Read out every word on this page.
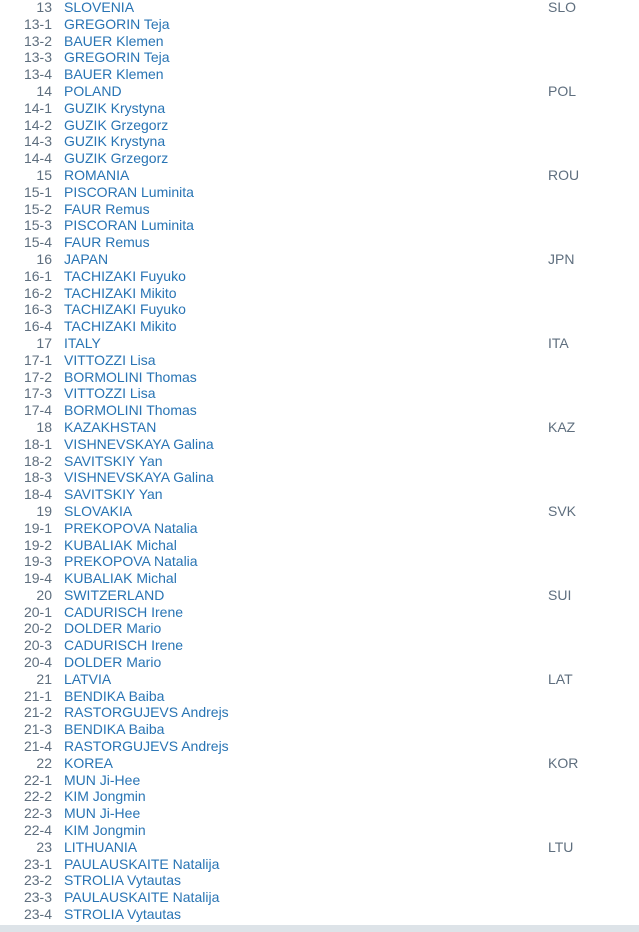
13 SLOVENIA	SLO
13-1 GREGORIN Teja
13-2 BAUER Klemen
13-3 GREGORIN Teja
13-4 BAUER Klemen
14 POLAND	POL
14-1 GUZIK Krystyna
14-2 GUZIK Grzegorz
14-3 GUZIK Krystyna
14-4 GUZIK Grzegorz
15 ROMANIA	ROU
15-1 PISCORAN Luminita
15-2 FAUR Remus
15-3 PISCORAN Luminita
15-4 FAUR Remus
16 JAPAN	JPN
16-1 TACHIZAKI Fuyuko
16-2 TACHIZAKI Mikito
16-3 TACHIZAKI Fuyuko
16-4 TACHIZAKI Mikito
17 ITALY	ITA
17-1 VITTOZZI Lisa
17-2 BORMOLINI Thomas
17-3 VITTOZZI Lisa
17-4 BORMOLINI Thomas
18 KAZAKHSTAN	KAZ
18-1 VISHNEVSKAYA Galina
18-2 SAVITSKIY Yan
18-3 VISHNEVSKAYA Galina
18-4 SAVITSKIY Yan
19 SLOVAKIA	SVK
19-1 PREKOPOVA Natalia
19-2 KUBALIAK Michal
19-3 PREKOPOVA Natalia
19-4 KUBALIAK Michal
20 SWITZERLAND	SUI
20-1 CADURISCH Irene
20-2 DOLDER Mario
20-3 CADURISCH Irene
20-4 DOLDER Mario
21 LATVIA	LAT
21-1 BENDIKA Baiba
21-2 RASTORGUJEVS Andrejs
21-3 BENDIKA Baiba
21-4 RASTORGUJEVS Andrejs
22 KOREA	KOR
22-1 MUN Ji-Hee
22-2 KIM Jongmin
22-3 MUN Ji-Hee
22-4 KIM Jongmin
23 LITHUANIA	LTU
23-1 PAULAUSKAITE Natalija
23-2 STROLIA Vytautas
23-3 PAULAUSKAITE Natalija
23-4 STROLIA Vytautas
